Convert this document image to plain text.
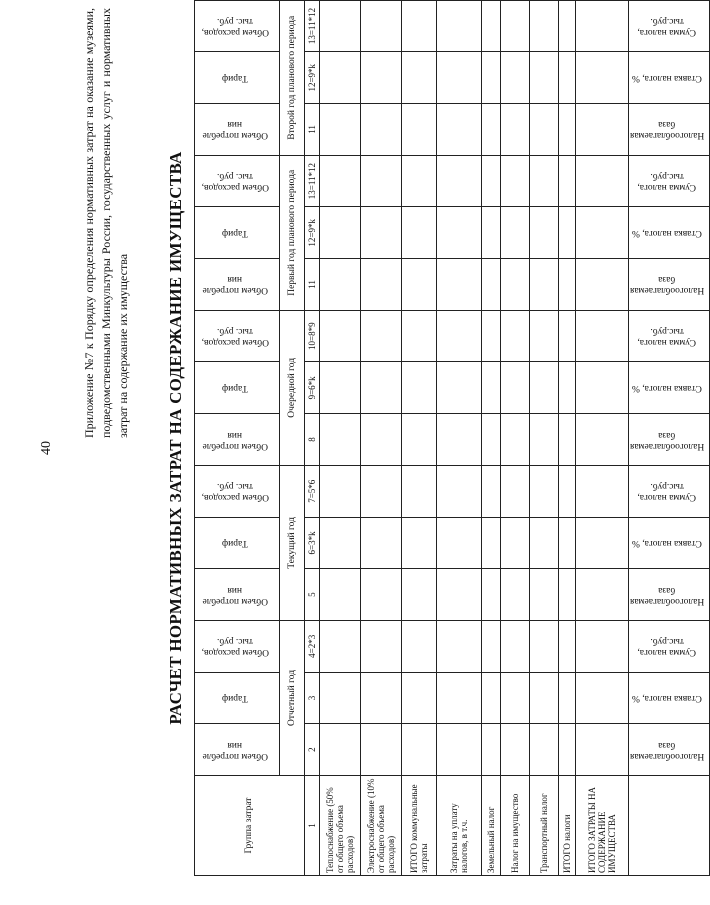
40
Приложение №7 к Порядку определения нормативных затрат на оказание музеями, подведомственными Минкультуры России, государственных услуг и нормативных затрат на содержание их имущества РАСЧЕТ НОРМАТИВНЫХ ЗАТРАТ НА СОДЕРЖАНИЕ ИМУЩЕСТВА
Группа затрат	Объем потребле ния	Тариф	Объем расходов, тыс. руб.	Объем потребле ния	Тариф	Объем расходов, тыс. руб.	Объем потребле ния	Тариф	Объем расходов, тыс. руб.	Объем потребле ния	Тариф	Объем расходов, тыс. руб.	Объем потребле ния	Тариф	Объем расходов, тыс. руб.
	Отчетный год			Текущий год			Очередной год			Первый год планового периода			Второй год планового периода		
1	2	3	4=2*3	5	6=3*k	7=5*6	8	9=6*k	10=8*9	11	12=9*k	13=11*12	11	12=9*k	13=11*12
Теплоснабжение (50% от общего объема расходов)															
Электроснабжение (10% от общего объема расходов)															
ИТОГО коммунальные затраты															
Затраты на уплату налогов, в т.ч.															
Земельный налог															
Налог на имущество															
Транспортный налог															
ИТОГО налоги															
ИТОГО ЗАТРАТЫ НА СОДЕРЖАНИЕ ИМУЩЕСТВА															
	Налогооблагаемая база	Ставка налога, %	Сумма налога, тыс.руб.	Налогооблагаемая база	Ставка налога, %	Сумма налога, тыс.руб.	Налогооблагаемая база	Ставка налога, %	Сумма налога, тыс.руб.	Налогооблагаемая база	Ставка налога, %	Сумма налога, тыс.руб.	Налогооблагаемая база	Ставка налога, %	Сумма налога, тыс.руб.
